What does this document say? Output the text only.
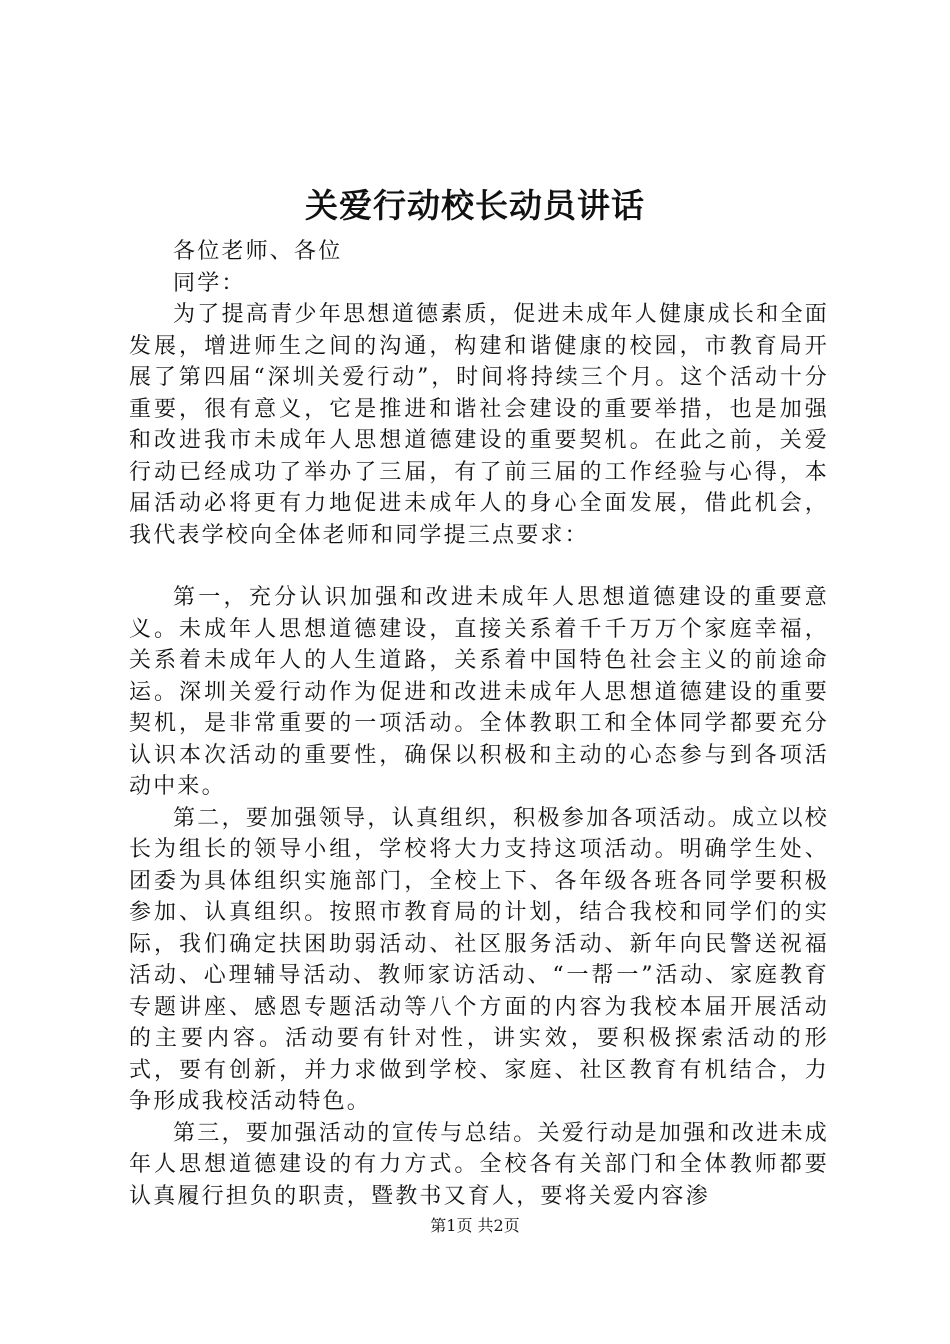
关爱行动校长动员讲话

各位老师、各位

同学：

为了提高青少年思想道德素质，促进未成年人健康成长和全面发展，增进师生之间的沟通，构建和谐健康的校园，市教育局开展了第四届“深圳关爱行动”，时间将持续三个月。这个活动十分重要，很有意义，它是推进和谐社会建设的重要举措，也是加强和改进我市未成年人思想道德建设的重要契机。在此之前，关爱行动已经成功了举办了三届，有了前三届的工作经验与心得，本届活动必将更有力地促进未成年人的身心全面发展，借此机会，我代表学校向全体老师和同学提三点要求：

第一，充分认识加强和改进未成年人思想道德建设的重要意义。未成年人思想道德建设，直接关系着千千万万个家庭幸福，关系着未成年人的人生道路，关系着中国特色社会主义的前途命运。深圳关爱行动作为促进和改进未成年人思想道德建设的重要契机，是非常重要的一项活动。全体教职工和全体同学都要充分认识本次活动的重要性，确保以积极和主动的心态参与到各项活动中来。

第二，要加强领导，认真组织，积极参加各项活动。成立以校长为组长的领导小组，学校将大力支持这项活动。明确学生处、团委为具体组织实施部门，全校上下、各年级各班各同学要积极参加、认真组织。按照市教育局的计划，结合我校和同学们的实际，我们确定扶困助弱活动、社区服务活动、新年向民警送祝福活动、心理辅导活动、教师家访活动、“一帮一”活动、家庭教育专题讲座、感恩专题活动等八个方面的内容为我校本届开展活动的主要内容。活动要有针对性，讲实效，要积极探索活动的形式，要有创新，并力求做到学校、家庭、社区教育有机结合，力争形成我校活动特色。

第三，要加强活动的宣传与总结。关爱行动是加强和改进未成年人思想道德建设的有力方式。全校各有关部门和全体教师都要认真履行担负的职责，暨教书又育人，要将关爱内容渗

第1页 共2页
